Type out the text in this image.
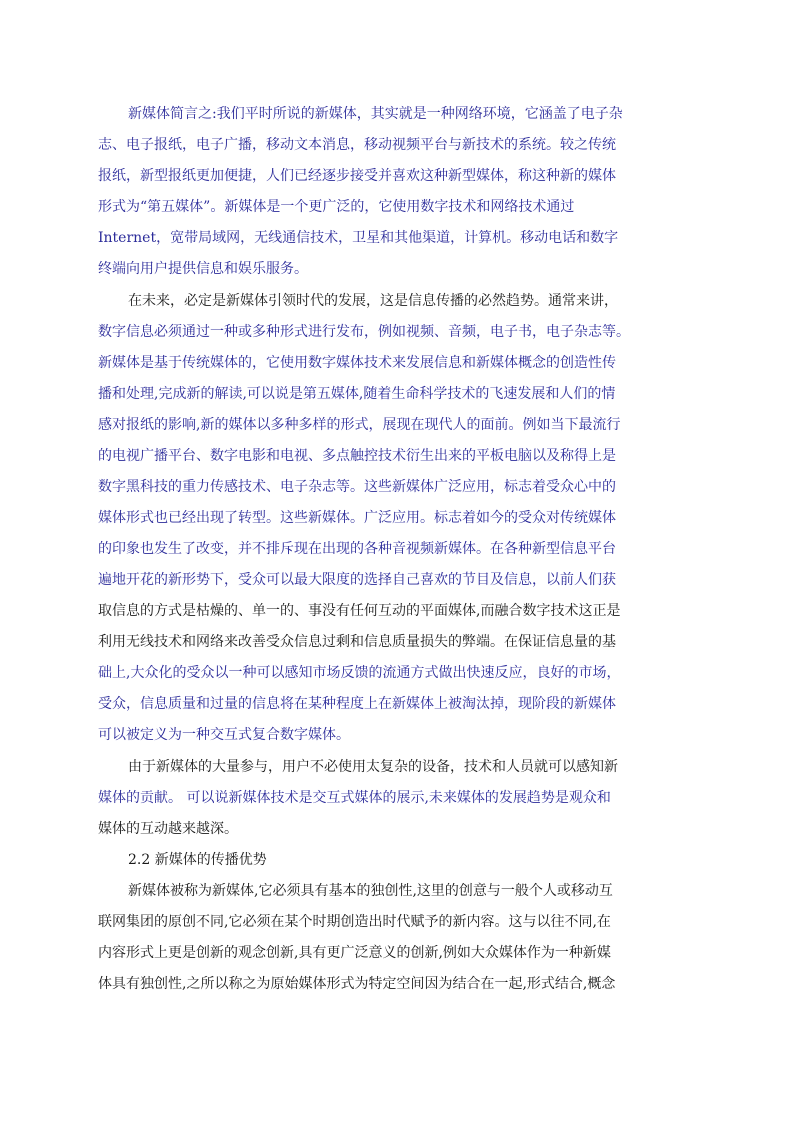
新媒体简言之:我们平时所说的新媒体，其实就是一种网络环境，它涵盖了电子杂
志、电子报纸，电子广播，移动文本消息，移动视频平台与新技术的系统。较之传统
报纸，新型报纸更加便捷，人们已经逐步接受并喜欢这种新型媒体，称这种新的媒体
形式为“第五媒体”。新媒体是一个更广泛的，它使用数字技术和网络技术通过
Internet，宽带局域网，无线通信技术，卫星和其他渠道，计算机。移动电话和数字
终端向用户提供信息和娱乐服务。
在未来，必定是新媒体引领时代的发展，这是信息传播的必然趋势。通常来讲，
数字信息必须通过一种或多种形式进行发布，例如视频、音频，电子书，电子杂志等。
新媒体是基于传统媒体的，它使用数字媒体技术来发展信息和新媒体概念的创造性传
播和处理,完成新的解读,可以说是第五媒体,随着生命科学技术的飞速发展和人们的情
感对报纸的影响,新的媒体以多种多样的形式，展现在现代人的面前。例如当下最流行
的电视广播平台、数字电影和电视、多点触控技术衍生出来的平板电脑以及称得上是
数字黑科技的重力传感技术、电子杂志等。这些新媒体广泛应用，标志着受众心中的
媒体形式也已经出现了转型。这些新媒体。广泛应用。标志着如今的受众对传统媒体
的印象也发生了改变，并不排斥现在出现的各种音视频新媒体。在各种新型信息平台
遍地开花的新形势下，受众可以最大限度的选择自己喜欢的节目及信息，以前人们获
取信息的方式是枯燥的、单一的、事没有任何互动的平面媒体,而融合数字技术这正是
利用无线技术和网络来改善受众信息过剩和信息质量损失的弊端。在保证信息量的基
础上,大众化的受众以一种可以感知市场反馈的流通方式做出快速反应，良好的市场，
受众，信息质量和过量的信息将在某种程度上在新媒体上被淘汰掉，现阶段的新媒体
可以被定义为一种交互式复合数字媒体。
由于新媒体的大量参与，用户不必使用太复杂的设备，技术和人员就可以感知新
媒体的贡献。 可以说新媒体技术是交互式媒体的展示,未来媒体的发展趋势是观众和
媒体的互动越来越深。
2.2 新媒体的传播优势
新媒体被称为新媒体,它必须具有基本的独创性,这里的创意与一般个人或移动互
联网集团的原创不同,它必须在某个时期创造出时代赋予的新内容。这与以往不同,在
内容形式上更是创新的观念创新,具有更广泛意义的创新,例如大众媒体作为一种新媒
体具有独创性,之所以称之为原始媒体形式为特定空间因为结合在一起,形式结合,概念
